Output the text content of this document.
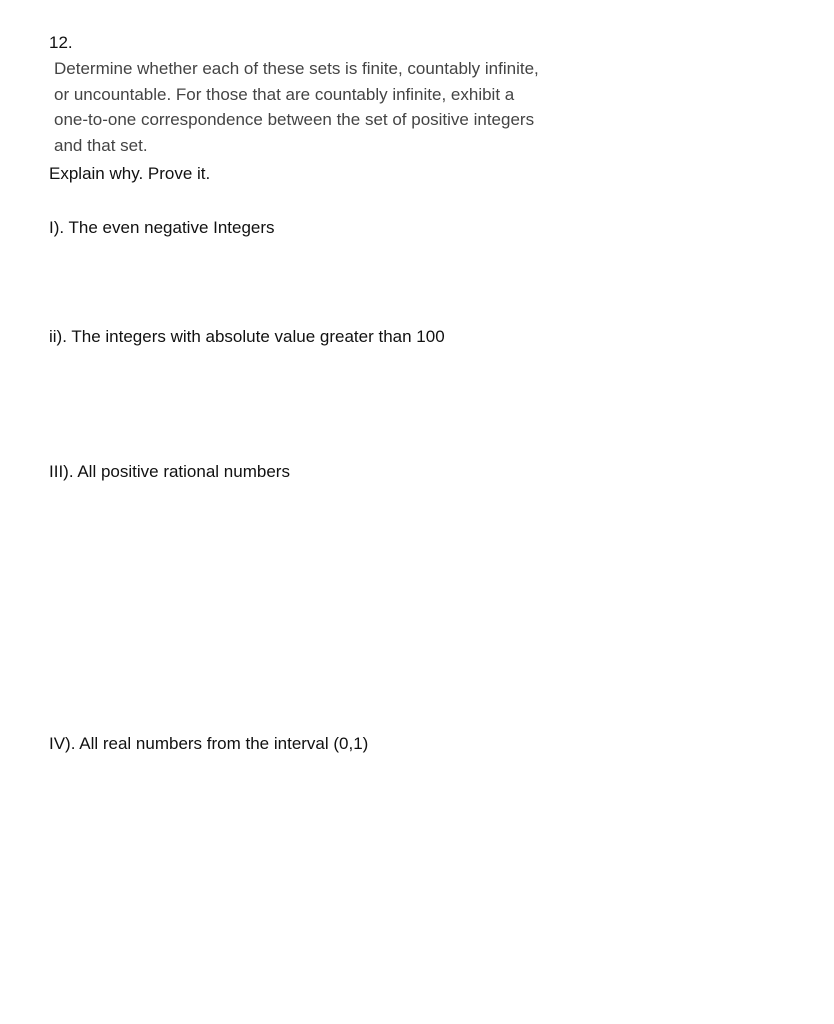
12.
Determine whether each of these sets is finite, countably infinite,
or uncountable. For those that are countably infinite, exhibit a
one-to-one correspondence between the set of positive integers
and that set.
Explain why. Prove it.
I). The even negative Integers
ii). The integers with absolute value greater than 100
III). All positive rational numbers
IV). All real numbers from the interval (0,1)
